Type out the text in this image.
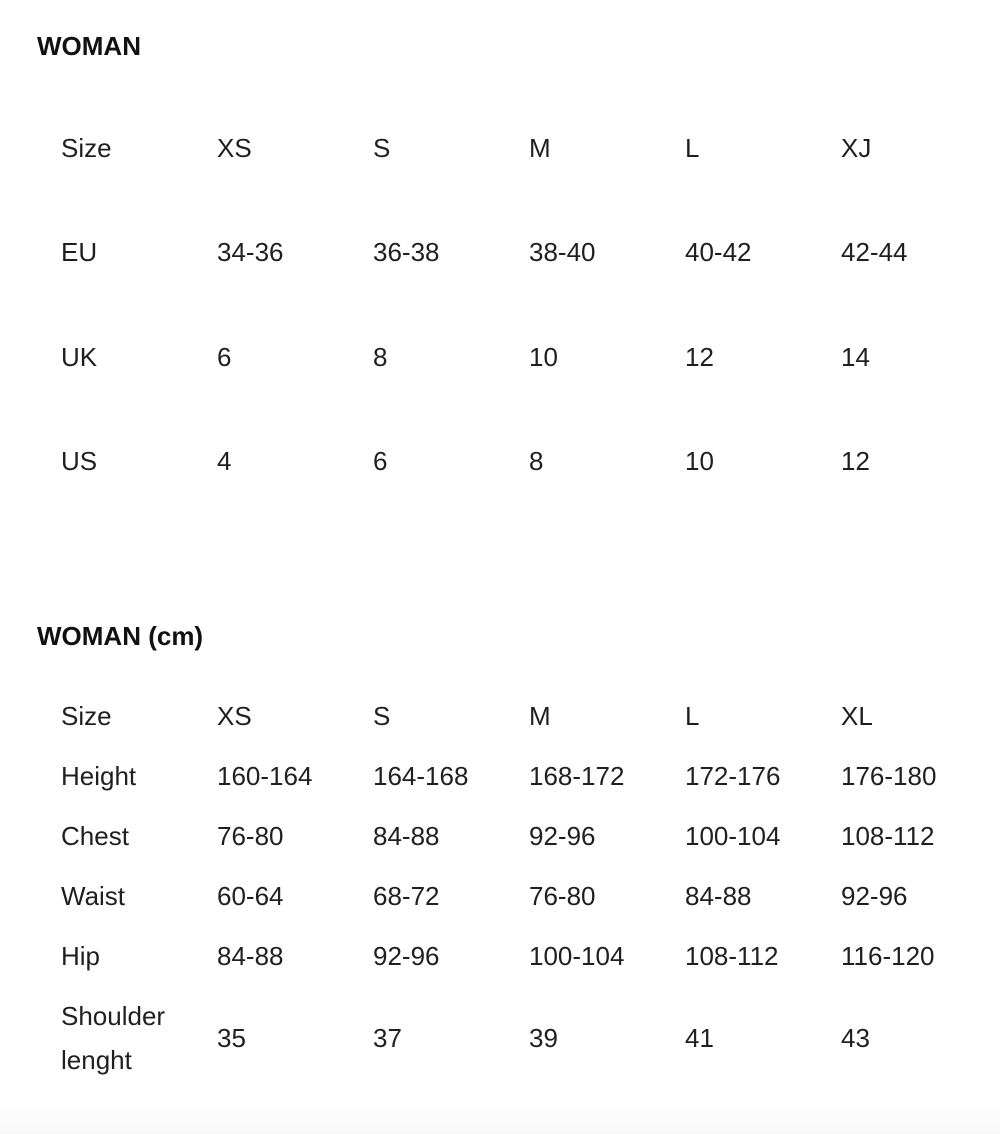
WOMAN
Size	XS	S	M	L	XJ
EU	34-36	36-38	38-40	40-42	42-44
UK	6	8	10	12	14
US	4	6	8	10	12
WOMAN (cm)
Size	XS	S	M	L	XL
Height	160-164	164-168	168-172	172-176	176-180
Chest	76-80	84-88	92-96	100-104	108-112
Waist	60-64	68-72	76-80	84-88	92-96
Hip	84-88	92-96	100-104	108-112	116-120
Shoulder lenght	35	37	39	41	43
